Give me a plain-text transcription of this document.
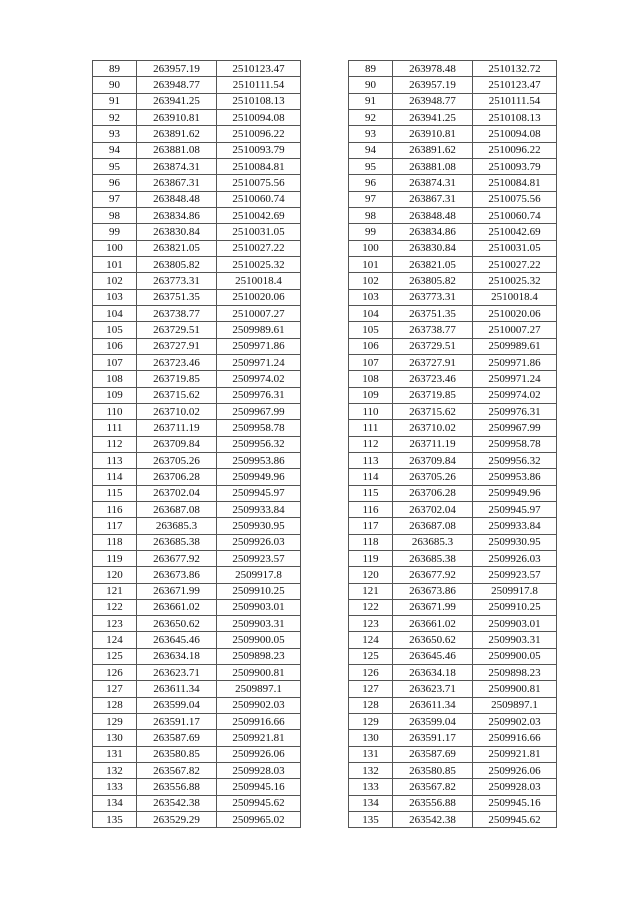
89	263957.19	2510123.47
90	263948.77	2510111.54
91	263941.25	2510108.13
92	263910.81	2510094.08
93	263891.62	2510096.22
94	263881.08	2510093.79
95	263874.31	2510084.81
96	263867.31	2510075.56
97	263848.48	2510060.74
98	263834.86	2510042.69
99	263830.84	2510031.05
100	263821.05	2510027.22
101	263805.82	2510025.32
102	263773.31	2510018.4
103	263751.35	2510020.06
104	263738.77	2510007.27
105	263729.51	2509989.61
106	263727.91	2509971.86
107	263723.46	2509971.24
108	263719.85	2509974.02
109	263715.62	2509976.31
110	263710.02	2509967.99
111	263711.19	2509958.78
112	263709.84	2509956.32
113	263705.26	2509953.86
114	263706.28	2509949.96
115	263702.04	2509945.97
116	263687.08	2509933.84
117	263685.3	2509930.95
118	263685.38	2509926.03
119	263677.92	2509923.57
120	263673.86	2509917.8
121	263671.99	2509910.25
122	263661.02	2509903.01
123	263650.62	2509903.31
124	263645.46	2509900.05
125	263634.18	2509898.23
126	263623.71	2509900.81
127	263611.34	2509897.1
128	263599.04	2509902.03
129	263591.17	2509916.66
130	263587.69	2509921.81
131	263580.85	2509926.06
132	263567.82	2509928.03
133	263556.88	2509945.16
134	263542.38	2509945.62
135	263529.29	2509965.02
89	263978.48	2510132.72
90	263957.19	2510123.47
91	263948.77	2510111.54
92	263941.25	2510108.13
93	263910.81	2510094.08
94	263891.62	2510096.22
95	263881.08	2510093.79
96	263874.31	2510084.81
97	263867.31	2510075.56
98	263848.48	2510060.74
99	263834.86	2510042.69
100	263830.84	2510031.05
101	263821.05	2510027.22
102	263805.82	2510025.32
103	263773.31	2510018.4
104	263751.35	2510020.06
105	263738.77	2510007.27
106	263729.51	2509989.61
107	263727.91	2509971.86
108	263723.46	2509971.24
109	263719.85	2509974.02
110	263715.62	2509976.31
111	263710.02	2509967.99
112	263711.19	2509958.78
113	263709.84	2509956.32
114	263705.26	2509953.86
115	263706.28	2509949.96
116	263702.04	2509945.97
117	263687.08	2509933.84
118	263685.3	2509930.95
119	263685.38	2509926.03
120	263677.92	2509923.57
121	263673.86	2509917.8
122	263671.99	2509910.25
123	263661.02	2509903.01
124	263650.62	2509903.31
125	263645.46	2509900.05
126	263634.18	2509898.23
127	263623.71	2509900.81
128	263611.34	2509897.1
129	263599.04	2509902.03
130	263591.17	2509916.66
131	263587.69	2509921.81
132	263580.85	2509926.06
133	263567.82	2509928.03
134	263556.88	2509945.16
135	263542.38	2509945.62
